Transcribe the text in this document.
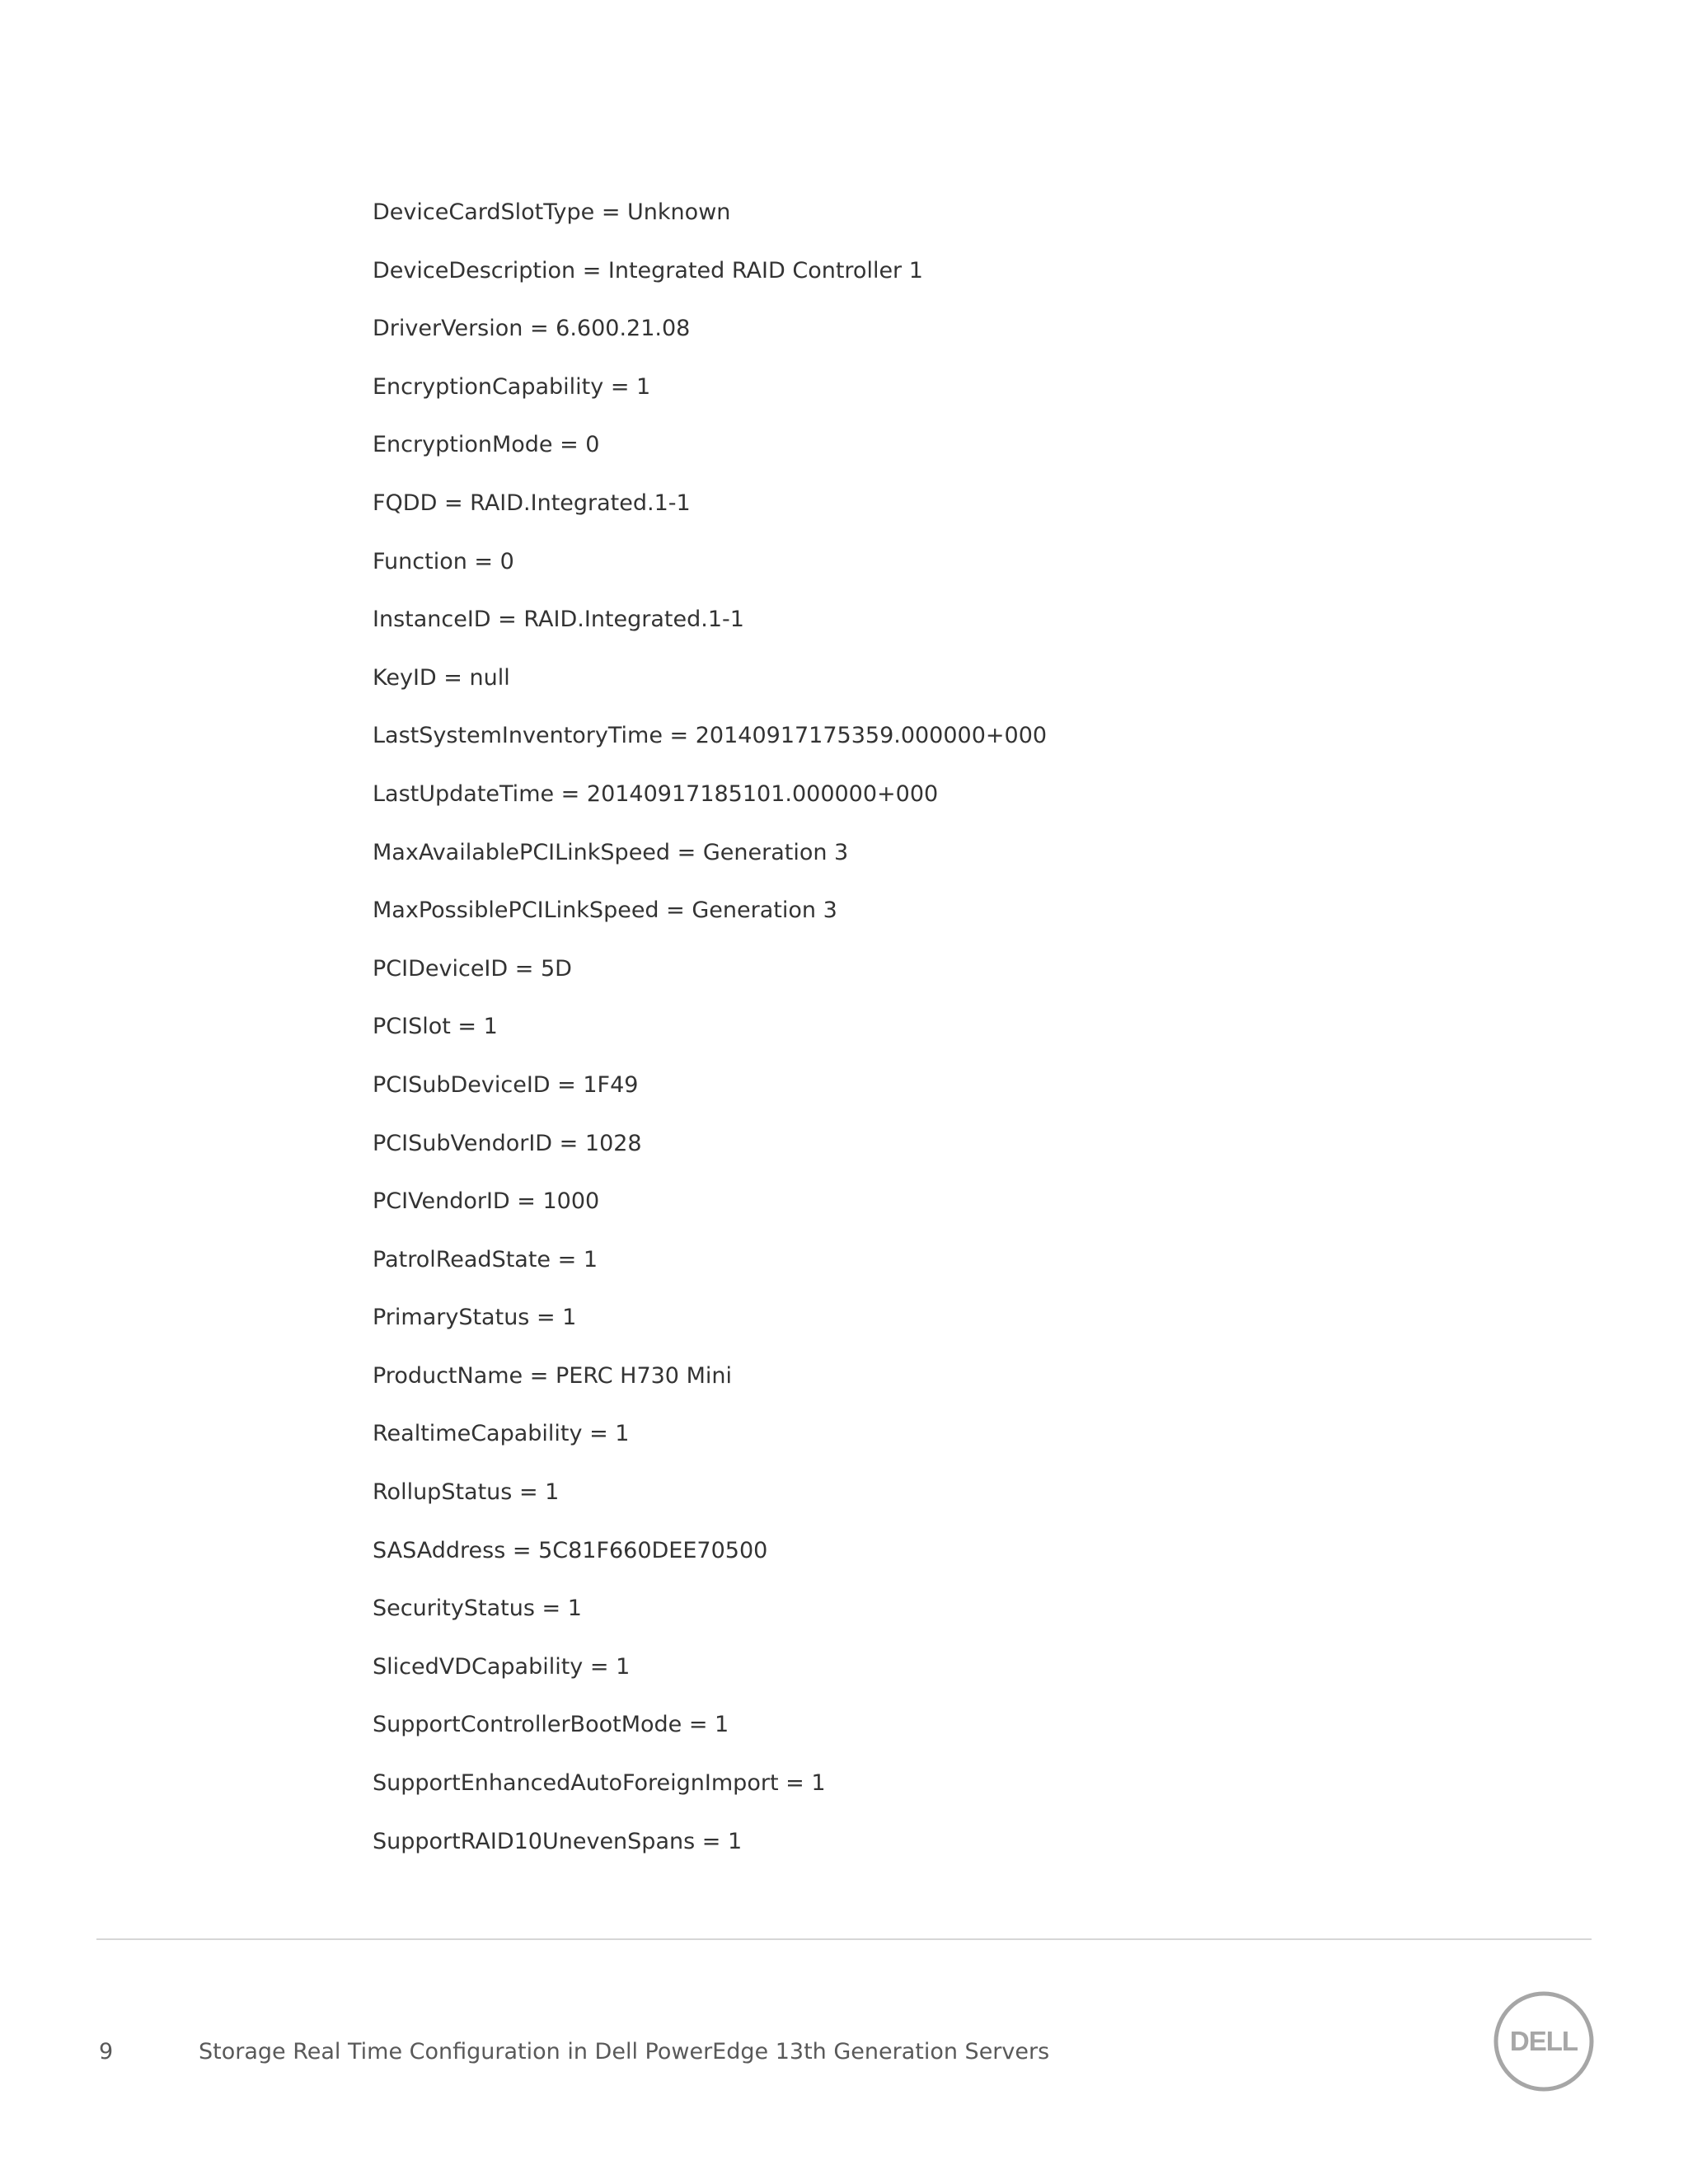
DeviceCardSlotType = Unknown
DeviceDescription = Integrated RAID Controller 1
DriverVersion = 6.600.21.08
EncryptionCapability = 1
EncryptionMode = 0
FQDD = RAID.Integrated.1-1
Function = 0
InstanceID = RAID.Integrated.1-1
KeyID = null
LastSystemInventoryTime = 20140917175359.000000+000
LastUpdateTime = 20140917185101.000000+000
MaxAvailablePCILinkSpeed = Generation 3
MaxPossiblePCILinkSpeed = Generation 3
PCIDeviceID = 5D
PCISlot = 1
PCISubDeviceID = 1F49
PCISubVendorID = 1028
PCIVendorID = 1000
PatrolReadState = 1
PrimaryStatus = 1
ProductName = PERC H730 Mini
RealtimeCapability = 1
RollupStatus = 1
SASAddress = 5C81F660DEE70500
SecurityStatus = 1
SlicedVDCapability = 1
SupportControllerBootMode = 1
SupportEnhancedAutoForeignImport = 1
SupportRAID10UnevenSpans = 1
9	Storage Real Time Configuration in Dell PowerEdge 13th Generation Servers	DELL
